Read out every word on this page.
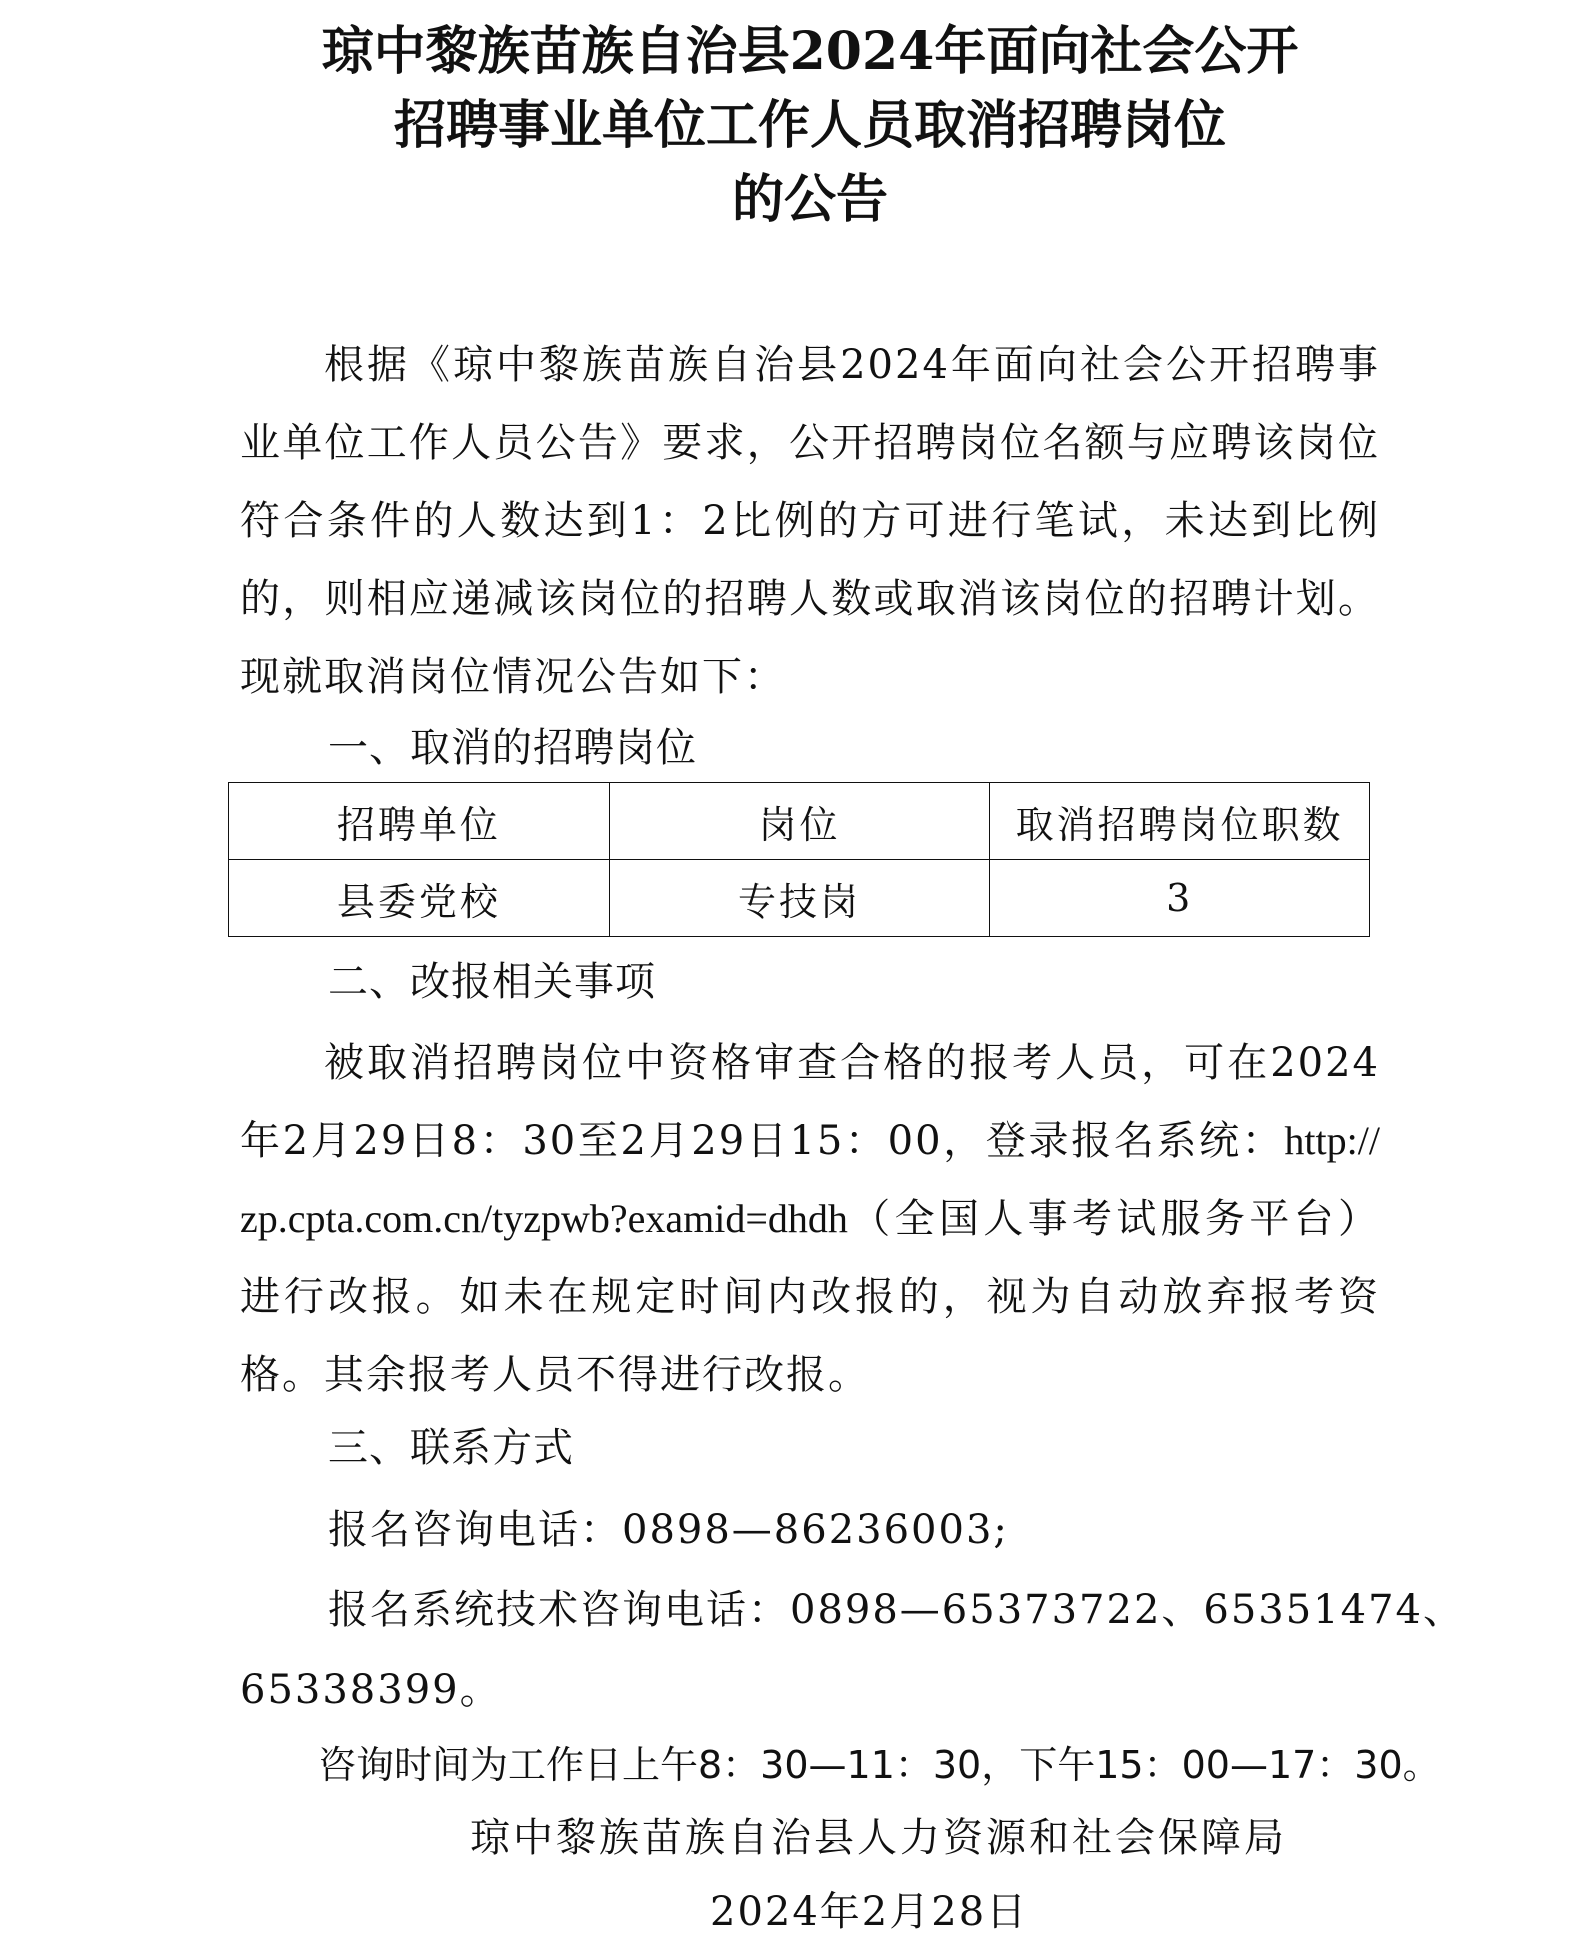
琼中黎族苗族自治县2024年面向社会公开
招聘事业单位工作人员取消招聘岗位
的公告
根据《琼中黎族苗族自治县2024年面向社会公开招聘事业单位工作人员公告》要求，公开招聘岗位名额与应聘该岗位符合条件的人数达到1：2比例的方可进行笔试，未达到比例的，则相应递减该岗位的招聘人数或取消该岗位的招聘计划。现就取消岗位情况公告如下：
一、取消的招聘岗位
招聘单位	岗位	取消招聘岗位职数
县委党校	专技岗	3
二、改报相关事项
被取消招聘岗位中资格审查合格的报考人员，可在2024年2月29日8：30至2月29日15：00，登录报名系统：http://zp.cpta.com.cn/tyzpwb?examid=dhdh（全国人事考试服务平台）进行改报。如未在规定时间内改报的，视为自动放弃报考资格。其余报考人员不得进行改报。
三、联系方式
报名咨询电话：0898—86236003;
报名系统技术咨询电话：0898—65373722、65351474、
65338399。
咨询时间为工作日上午8：30—11：30，下午15：00—17：30。
琼中黎族苗族自治县人力资源和社会保障局
2024年2月28日
